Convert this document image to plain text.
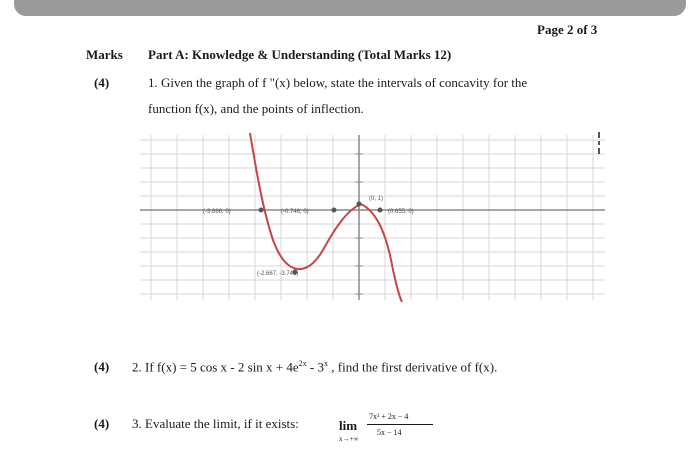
Page 2 of 3
Marks Part A: Knowledge & Understanding (Total Marks 12)
(4)	1. Given the graph of f "(x) below, state the intervals of concavity for the
function f(x), and the points of inflection.
(-3.666, 0)	(-0.748, 0)
(0, 1)
(0.655, 0)
(-2.667, -3.741)
(4) 2. If f(x) = 5 cos x - 2 $\sin x + 4e^{2x} - 3^x$ , find the first derivative of f(x).
(4) 3. Evaluate the limit, if it exists:	lim
x→+∞
7x² + 2x − 4
5x − 14
